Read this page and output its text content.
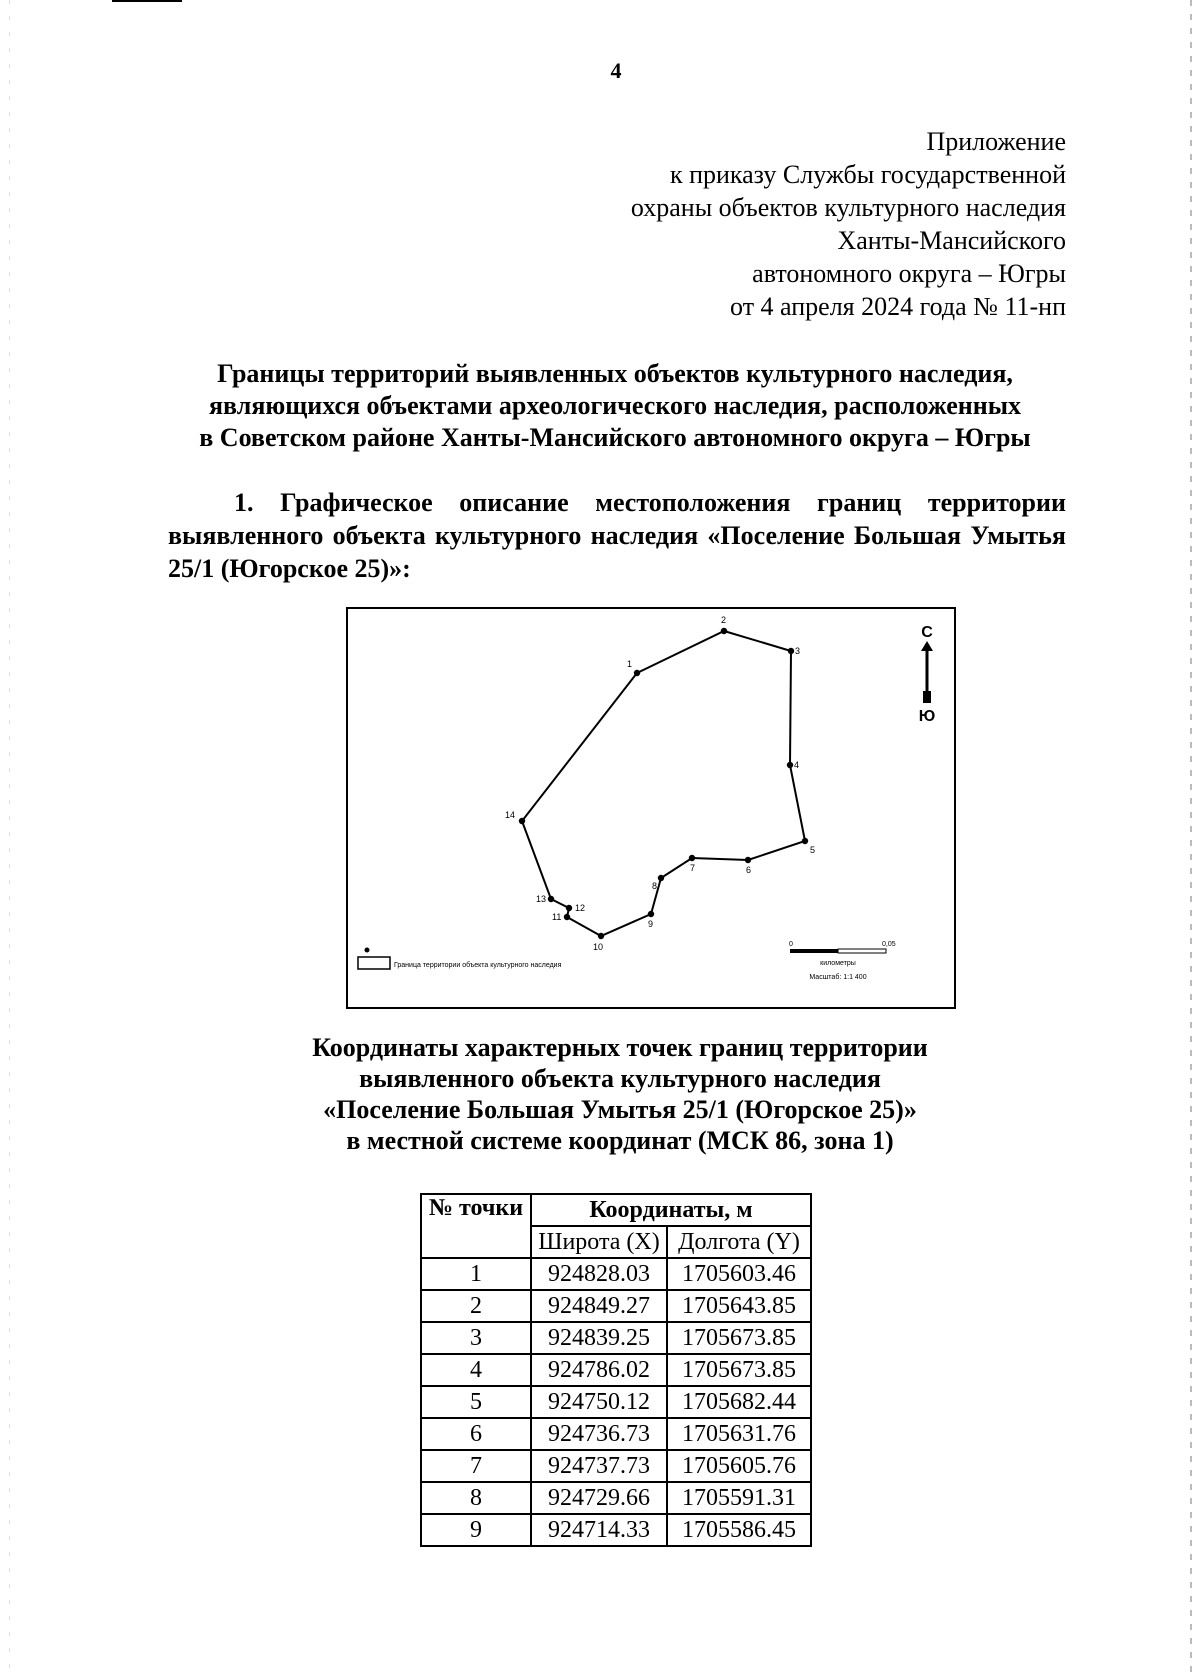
4
Приложение
к приказу Службы государственной
охраны объектов культурного наследия
Ханты-Мансийского
автономного округа – Югры
от 4 апреля 2024 года № 11-нп
Границы территорий выявленных объектов культурного наследия,
являющихся объектами археологического наследия, расположенных
в Советском районе Ханты-Мансийского автономного округа – Югры
1. Графическое описание местоположения границ территории
выявленного объекта культурного наследия «Поселение Большая Умытья
25/1 (Югорское 25)»:
1
2
3
4
5
6
7
8
9
10
11
12
13
14
С
Ю
Граница территории объекта культурного наследия
0	0,05
километры
Масштаб: 1:1 400
Координаты характерных точек границ территории
выявленного объекта культурного наследия
«Поселение Большая Умытья 25/1 (Югорское 25)»
в местной системе координат (МСК 86, зона 1)
№ точки	Координаты, м	
	Широта (X)	Долгота (Y)
1	924828.03	1705603.46
2	924849.27	1705643.85
3	924839.25	1705673.85
4	924786.02	1705673.85
5	924750.12	1705682.44
6	924736.73	1705631.76
7	924737.73	1705605.76
8	924729.66	1705591.31
9	924714.33	1705586.45
